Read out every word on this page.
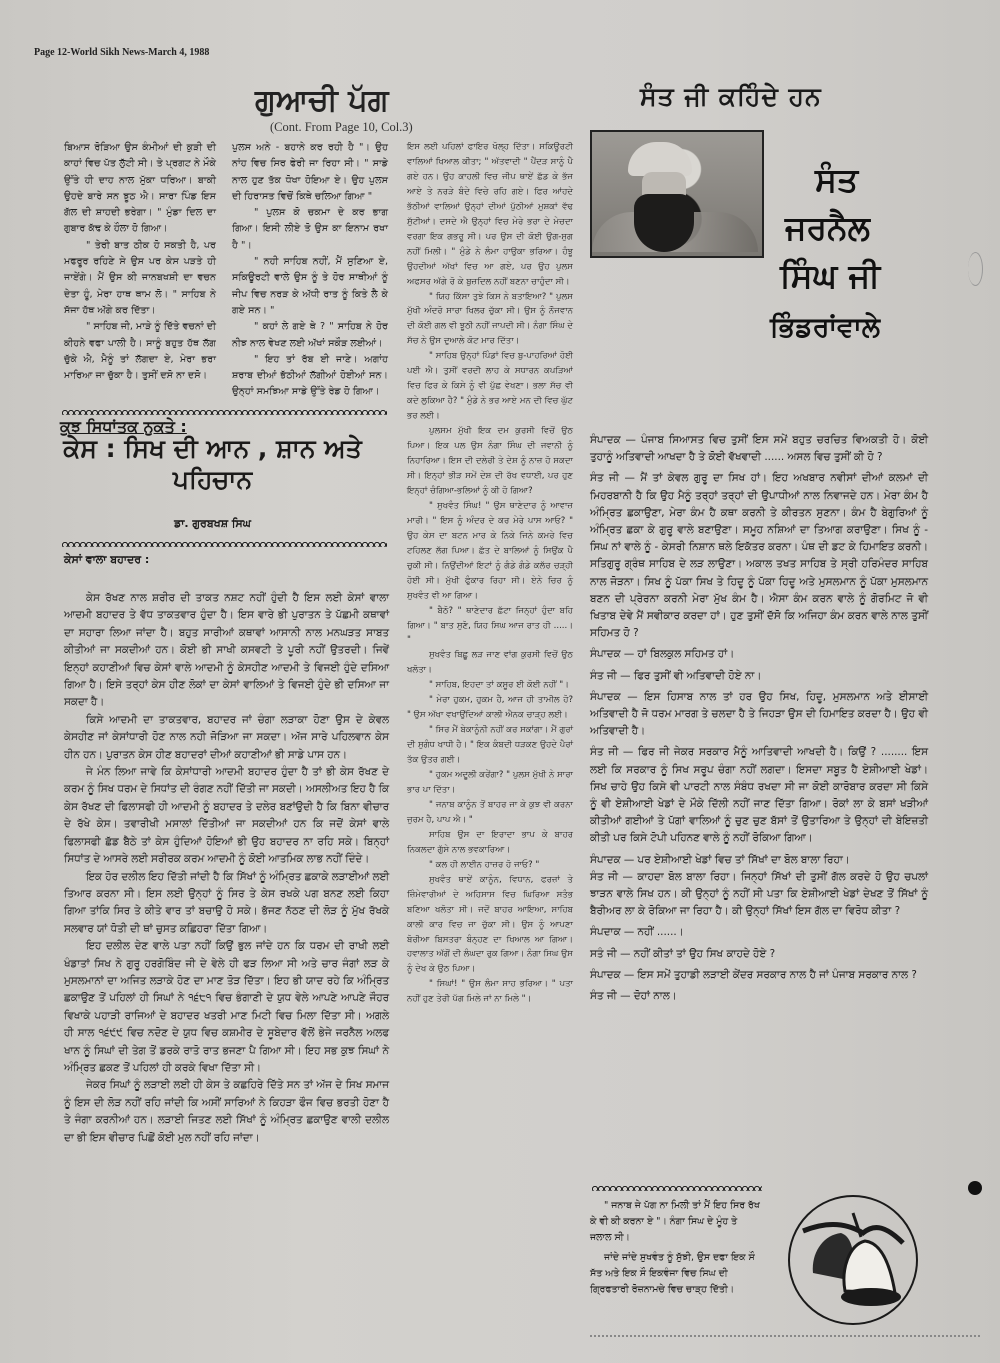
Page 12-World Sikh News-March 4, 1988
ਗੁਆਚੀ ਪੱਗ
(Cont. From Page 10, Col.3)

ਬਿਆਸ ਰੋੜਿਆ ਉਸ ਕੰਮੀਆਂ ਦੀ ਕੁੜੀ ਦੀ ਕਾਹਾਂ ਵਿਚ ਪੱਤ ਲੁੱਟੀ ਸੀ। ਤੇ ਪ੍ਰਗਟ ਨੇ ਮੌਕੇ ਉੱਤੇ ਹੀ ਦਾਹ ਨਾਲ ਮੁੱਕਾ ਧਰਿਆ। ਬਾਕੀ ਉਹਦੇ ਬਾਰੇ ਸਨ ਝੂਠ ਐ। ਸਾਰਾ ਪਿੰਡ ਇਸ ਗੱਲ ਦੀ ਸ਼ਾਹਦੀ ਭਰੇਗਾ। " ਮੁੰਡਾ ਦਿਲ ਦਾ ਗੁਬਾਰ ਕੱਢ ਕੇ ਹੌਲਾ ਹੋ ਗਿਆ।

" ਤੇਰੀ ਬਾਤ ਠੀਕ ਹੋ ਸਕਤੀ ਹੈ, ਪਰ ਮਫਰੂਰ ਰਹਿਣੇ ਸੇ ਉਸ ਪਰ ਕੇਸ ਪੜਤੇ ਹੀ ਜਾਏਂਗੇ। ਮੈਂ ਉਸ ਕੀ ਜਾਨਬਖਸ਼ੀ ਦਾ ਵਚਨ ਦੇਤਾ ਹੂੰ, ਮੇਰਾ ਹਾਥ ਥਾਮ ਲੋ। " ਸਾਹਿਬ ਨੇ ਸੱਜਾ ਹੱਥ ਅੱਗੇ ਕਰ ਦਿੱਤਾ।

" ਸਾਹਿਬ ਜੀ, ਮਾੜੇ ਨੂੰ ਦਿੱਤੇ ਵਚਨਾਂ ਦੀ ਕੀਹਨੇ ਵਫਾ ਪਾਲੀ ਹੈ। ਸਾਨੂੰ ਬਹੁਤ ਹੱਥ ਲੱਗ ਚੁੱਕੇ ਐ, ਮੈਨੂੰ ਤਾਂ ਲੱਗਦਾ ਏ, ਮੇਰਾ ਭਰਾ ਮਾਰਿਆ ਜਾ ਚੁੱਕਾ ਹੈ। ਤੁਸੀਂ ਦਸੋ ਨਾ ਦਸੋ।

ਪੁਲਸ ਅਨੇ - ਬਹਾਨੇ ਕਰ ਰਹੀ ਹੈ "। ਉਹ ਨਾਂਹ ਵਿਚ ਸਿਰ ਫੇਰੀ ਜਾ ਰਿਹਾ ਸੀ। " ਸਾਡੇ ਨਾਲ ਹੁਣ ਤੱਕ ਧੋਖਾ ਹੋਇਆ ਏ। ਉਹ ਪੁਲਸ ਦੀ ਹਿਰਾਸਤ ਵਿਚੋਂ ਕਿਥੇ ਚਲਿਆ ਗਿਆ "

" ਪੁਲਸ ਕੋ ਚਕਮਾ ਦੇ ਕਰ ਭਾਗ ਗਿਆ। ਇਸੀ ਲੀਏ ਤੋ ਉਸ ਕਾ ਇਨਾਮ ਰਖਾ ਹੈ "।

" ਨਹੀ ਸਾਹਿਬ ਨਹੀਂ, ਮੈਂ ਸੁਣਿਆ ਏ, ਸਕਿਊਰਟੀ ਵਾਲੇ ਉਸ ਨੂੰ ਤੇ ਹੋਰ ਸਾਥੀਆਂ ਨੂੰ ਜੀਪ ਵਿਚ ਨਰੜ ਕੇ ਅੱਧੀ ਰਾਤ ਨੂੰ ਕਿਤੇ ਲੈ ਕੇ ਗਏ ਸਨ। "

" ਕਹਾਂ ਲੇ ਗਏ ਥੇ ? " ਸਾਹਿਬ ਨੇ ਹੋਰ ਨੀਝ ਨਾਲ ਵੇਖਣ ਲਈ ਅੱਖਾਂ ਸਕੌੜ ਲਈਆਂ।

" ਇਹ ਤਾਂ ਰੱਬ ਈ ਜਾਣੇ। ਅਗਾਂਹ ਸ਼ਰਾਬ ਦੀਆਂ ਭੱਠੀਆਂ ਲੱਗੀਆਂ ਹੋਈਆਂ ਸਨ। ਉਨ੍ਹਾਂ ਸਮਝਿਆ ਸਾਡੇ ਉੱਤੇ ਰੇਡ ਹੋ ਗਿਆ।

ਇਸ ਲਈ ਪਹਿਲਾਂ ਫਾਇਰ ਖੋਲ੍ਹ ਦਿੱਤਾ। ਸਕਿਊਰਟੀ ਵਾਲਿਆਂ ਖਿਆਲ ਕੀਤਾ; " ਅੱਤਵਾਦੀ " ਪੈਂਦੜ ਸਾਨੂੰ ਪੈ ਗਏ ਹਨ। ਉਹ ਕਾਹਲੀ ਵਿਚ ਜੀਪ ਥਾਏਂ ਛੱਡ ਕੇ ਭੱਜ ਆਏ ਤੇ ਨਰੜੇ ਬੰਦੇ ਵਿਚੇ ਰਹਿ ਗਏ। ਫਿਰ ਆਂਹਦੇ ਭੱਠੀਆਂ ਵਾਲਿਆਂ ਉਨ੍ਹਾਂ ਦੀਆਂ ਪੁੱਠੀਆਂ ਮੁਸ਼ਕਾਂ ਵੱਢ ਸੁੱਟੀਆਂ। ਦਸਦੇ ਐ ਉਨ੍ਹਾਂ ਵਿਚ ਮੇਰੇ ਭਰਾ ਦੇ ਮੇਚਦਾ ਵਰਗਾ ਇਕ ਗਭਰੂ ਸੀ। ਪਰ ਉਸ ਦੀ ਕੋਈ ਉਗ-ਸੁਗ ਨਹੀਂ ਮਿਲੀ। " ਮੁੰਡੇ ਨੇ ਲੰਮਾ ਹਾਉਕਾ ਭਰਿਆ। ਹੰਝੂ ਉਹਦੀਆਂ ਅੱਖਾਂ ਵਿਚ ਆ ਗਏ, ਪਰ ਉਹ ਪੁਲਸ ਅਫਸਰ ਅੱਗੇ ਰੋ ਕੇ ਬੁਜ਼ਦਿਲ ਨਹੀਂ ਬਣਨਾ ਚਾਹੁੰਦਾ ਸੀ।

" ਯਿਹ ਕਿੱਸਾ ਤੁਝੇ ਕਿਸ ਨੇ ਬਤਾਇਆ? " ਪੁਲਸ ਮੁੱਖੀ ਅੰਦਰੋ ਸਾਰਾ ਖਿਲਰ ਚੁੱਕਾ ਸੀ। ਉਸ ਨੂੰ ਨੌਜਵਾਨ ਦੀ ਕੋਈ ਗਲ ਵੀ ਝੂਠੀ ਨਹੀਂ ਜਾਪਦੀ ਸੀ। ਨੰਗਾ ਸਿੰਘ ਦੇ ਸੱਚ ਨੇ ਉਸ ਦੁਆਲੇ ਕੋਟ ਮਾਰ ਦਿੱਤਾ।

" ਸਾਹਿਬ ਉਨ੍ਹਾਂ ਪਿੰਡਾਂ ਵਿਚ ਬੁ-ਪਾਹਰਿਆਂ ਹੋਈ ਪਈ ਐ। ਤੁਸੀਂ ਵਰਦੀ ਲਾਹ ਕੇ ਸਧਾਰਨ ਕਪੜਿਆਂ ਵਿਚ ਫਿਰ ਕੇ ਕਿਸੇ ਨੂੰ ਵੀ ਪੁੱਛ ਵੇਖਣਾ। ਭਲਾ ਸੱਚ ਵੀ ਕਦੇ ਲੁਕਿਆ ਹੈ? " ਮੁੰਡੇ ਨੇ ਭਰ ਆਏ ਮਨ ਦੀ ਵਿਚ ਘੁੱਟ ਭਰ ਲਈ।

ਪੁਲਸਮ ਮੁੱਖੀ ਇਕ ਦਮ ਕੁਰਸੀ ਵਿਚੋਂ ਉਠ ਪਿਆ। ਇਕ ਪਲ ਉਸ ਨੰਗਾ ਸਿੰਘ ਦੀ ਜਵਾਨੀ ਨੂੰ ਨਿਹਾਰਿਆ। ਇਸ ਦੀ ਦਲੇਰੀ ਤੇ ਦੇਸ਼ ਨੂੰ ਨਾਜ਼ ਹੋ ਸਕਦਾ ਸੀ। ਇਨ੍ਹਾਂ ਭੀੜ ਸਮੇਂ ਦੇਸ਼ ਦੀ ਰੱਖ ਵਧਾਈ, ਪਰ ਹੁਣ ਇਨ੍ਹਾਂ ਚੰਗਿਆ-ਭਲਿਆਂ ਨੂੰ ਕੀ ਹੋ ਗਿਆ?

" ਸੁਖਵੰਤ ਸਿੰਘ! " ਉਸ ਥਾਣੇਦਾਰ ਨੂੰ ਆਵਾਜ਼ ਮਾਰੀ। " ਇਸ ਨੂੰ ਅੰਦਰ ਦੇ ਕਰ ਮੇਰੇ ਪਾਸ ਆਓ? " ਉਹ ਕੇਸ ਦਾ ਬਟਨ ਮਾਰ ਕੇ ਨਿਕੇ ਜਿਨੇ ਕਮਰੇ ਵਿਚ ਟਹਿਲਣ ਲੱਗ ਪਿਆ। ਛੱਤ ਦੇ ਬਾਲਿਆਂ ਨੂੰ ਸਿਉਂਕ ਪੈ ਚੁਕੀ ਸੀ। ਨਿਉਂਦੀਆਂ ਇਟਾਂ ਨੂੰ ਗੰਡੇ ਗੰਡੇ ਕਲੱਰ ਚੜ੍ਹੀ ਹੋਈ ਸੀ। ਮੁੱਖੀ ਫੁੰਕਾਰ ਰਿਹਾ ਸੀ। ਏਨੇ ਚਿਰ ਨੂੰ ਸੁਖਵੰਤ ਵੀ ਆ ਗਿਆ।

" ਬੈਠੋ? " ਥਾਣੇਦਾਰ ਛੱਟਾ ਜਿਨ੍ਹਾਂ ਹੁੰਦਾ ਬਹਿ ਗਿਆ। " ਬਾਤ ਸੁਣੋ, ਯਿਹ ਸਿਘ ਆਜ ਰਾਤ ਹੀ .....। "

ਸੁਖਵੰਤ ਬਿਛੂ ਲੜ ਜਾਣ ਵਾਂਗ ਕੁਰਸੀ ਵਿਚੋਂ ਉਠ ਖਲੋਤਾ।

" ਸਾਹਿਬ, ਇਹਦਾ ਤਾਂ ਕਸੂਰ ਈ ਕੋਈ ਨਹੀਂ "।

" ਮੇਰਾ ਹੁਕਮ, ਹੁਕਮ ਹੈ, ਆਜ ਹੀ ਤਾਮੀਲ ਹੋ? " ਉਸ ਅੱਖਾ ਵਖਾਉਂਦਿਆਂ ਕਾਲੀ ਐਨਕ ਚਾੜ੍ਹ ਲਈ।

" ਸਿਰ ਮੈਂ ਬੇਕਾਨੂੰਨੀ ਨਹੀਂ ਕਰ ਸਕਾਂਗਾ। ਮੈਂ ਗੁਰਾਂ ਦੀ ਸੁਗੰਧ ਖਾਧੀ ਹੈ। " ਇਕ ਕੰਬਦੀ ਧੜਕਣ ਉਹਦੇ ਪੈਰਾਂ ਤੱਕ ਉਤਰ ਗਈ।

" ਹੁਕਮ ਅਦੂਲੀ ਕਰੇਂਗਾ? " ਪੁਲਸ ਮੁੱਖੀ ਨੇ ਸਾਰਾ ਭਾਰ ਪਾ ਦਿੱਤਾ।

" ਜਨਾਬ ਕਾਨੂੰਨ ਤੋਂ ਬਾਹਰ ਜਾ ਕੇ ਕੁਝ ਵੀ ਕਰਨਾ ਜੁਰਮ ਹੈ, ਪਾਪ ਐ। "

ਸਾਹਿਬ ਉਸ ਦਾ ਇਰਾਦਾ ਭਾਪ ਕੇ ਬਾਹਰ ਨਿਕਲਦਾ ਗੁੱਸੇ ਨਾਲ ਭਵਕਾਰਿਆ।

" ਕਲ ਹੀ ਲਾਈਨ ਹਾਜ਼ਰ ਹੋ ਜਾਓ? "

ਸੁਖਵੰਤ ਥਾਏਂ ਕਾਨੂੰਨ, ਵਿਧਾਨ, ਫਰਜ਼ਾਂ ਤੇ ਜ਼ਿੰਮੇਵਾਰੀਆਂ ਦੇ ਅਹਿਸਾਸ ਵਿਚ ਘਿਰਿਆ ਸਤੰਭ ਬਣਿਆ ਖਲੋਤਾ ਸੀ। ਜਦੋਂ ਬਾਹਰ ਆਇਆ, ਸਾਹਿਬ ਕਾਲੀ ਕਾਰ ਵਿਚ ਜਾ ਚੁੱਕਾ ਸੀ। ਉਸ ਨੂੰ ਆਪਣਾ ਬੋਰੀਆ ਬਿਸਤਰਾ ਬੰਨ੍ਹਣ ਦਾ ਖਿਆਲ ਆ ਗਿਆ। ਹਵਾਲਾਤ ਅੱਗੋਂ ਦੀ ਲੰਘਦਾ ਰੁਕ ਗਿਆ। ਨੰਗਾ ਸਿਘ ਉਸ ਨੂੰ ਦੇਖ ਕੇ ਉਠ ਪਿਆ।

" ਸਿਘਾਂ! " ਉਸ ਲੰਮਾ ਸਾਹ ਭਰਿਆ। " ਪਤਾ ਨਹੀਂ ਹੁਣ ਤੇਰੀ ਪੱਗ ਮਿਲੇ ਜਾਂ ਨਾ ਮਿਲੇ "।

ਕੁਝ ਸਿਧਾਂਤਕ ਨੁਕਤੇ :
ਕੇਸ : ਸਿਖ ਦੀ ਆਨ , ਸ਼ਾਨ ਅਤੇ ਪਹਿਚਾਨ
ਡਾ. ਗੁਰਬਖਸ਼ ਸਿਘ
ਕੇਸਾਂ ਵਾਲਾ ਬਹਾਦਰ :

ਕੇਸ ਰੱਖਣ ਨਾਲ ਸ਼ਰੀਰ ਦੀ ਤਾਕਤ ਨਸ਼ਟ ਨਹੀਂ ਹੁੰਦੀ ਹੈ ਇਸ ਲਈ ਕੇਸਾਂ ਵਾਲਾ ਆਦਮੀ ਬਹਾਦਰ ਤੇ ਵੱਧ ਤਾਕਤਵਾਰ ਹੁੰਦਾ ਹੈ। ਇਸ ਵਾਰੇ ਭੀ ਪੁਰਾਤਨ ਤੇ ਪੱਛਮੀ ਕਥਾਵਾਂ ਦਾ ਸਹਾਰਾ ਲਿਆ ਜਾਂਦਾ ਹੈ। ਬਹੁਤ ਸਾਰੀਆਂ ਕਥਾਵਾਂ ਆਸਾਨੀ ਨਾਲ ਮਨਘੜਤ ਸਾਬਤ ਕੀਤੀਆਂ ਜਾ ਸਕਦੀਆਂ ਹਨ। ਕੋਈ ਭੀ ਸਾਖੀ ਕਸਵਟੀ ਤੇ ਪੂਰੀ ਨਹੀਂ ਉਤਰਦੀ। ਜਿਵੇਂ ਇਨ੍ਹਾਂ ਕਹਾਣੀਆਂ ਵਿਚ ਕੇਸਾਂ ਵਾਲੇ ਆਦਮੀ ਨੂੰ ਕੇਸਹੀਣ ਆਦਮੀ ਤੇ ਵਿਜਈ ਹੁੰਦੇ ਦਸਿਆ ਗਿਆ ਹੈ। ਇਸੇ ਤਰ੍ਹਾਂ ਕੇਸ ਹੀਣ ਲੋਕਾਂ ਦਾ ਕੇਸਾਂ ਵਾਲਿਆਂ ਤੇ ਵਿਜਈ ਹੁੰਦੇ ਭੀ ਦਸਿਆ ਜਾ ਸਕਦਾ ਹੈ।

ਕਿਸੇ ਆਦਮੀ ਦਾ ਤਾਕਤਵਾਰ, ਬਹਾਦਰ ਜਾਂ ਚੰਗਾ ਲੜਾਕਾ ਹੋਣਾ ਉਸ ਦੇ ਕੇਵਲ ਕੇਸਹੀਣ ਜਾਂ ਕੇਸਾਂਧਾਰੀ ਹੋਣ ਨਾਲ ਨਹੀ ਜੋੜਿਆ ਜਾ ਸਕਦਾ। ਅੱਜ ਸਾਰੇ ਪਹਿਲਵਾਨ ਕੇਸ ਹੀਨ ਹਨ। ਪੁਰਾਤਨ ਕੇਸ ਹੀਣ ਬਹਾਦਰਾਂ ਦੀਆਂ ਕਹਾਣੀਆਂ ਭੀ ਸਾਡੇ ਪਾਸ ਹਨ।

ਜੇ ਮੰਨ ਲਿਆ ਜਾਵੇ ਕਿ ਕੇਸਾਂਧਾਰੀ ਆਦਮੀ ਬਹਾਦਰ ਹੁੰਦਾ ਹੈ ਤਾਂ ਭੀ ਕੇਸ ਰੱਖਣ ਦੇ ਕਰਮ ਨੂੰ ਸਿਖ ਧਰਮ ਦੇ ਸਿਧਾਂਤ ਦੀ ਰੰਗਣ ਨਹੀਂ ਦਿੱਤੀ ਜਾ ਸਕਦੀ। ਅਸਲੀਅਤ ਇਹ ਹੈ ਕਿ ਕੇਸ ਰੱਖਣ ਦੀ ਫਿਲਾਸਫੀ ਹੀ ਆਦਮੀ ਨੂੰ ਬਹਾਦਰ ਤੇ ਦਲੇਰ ਬਣਾਂਉਦੀ ਹੈ ਕਿ ਬਿਨਾ ਵੀਚਾਰ ਦੇ ਰੱਖੇ ਕੇਸ। ਤਵਾਰੀਖੀ ਮਸਾਲਾਂ ਦਿੱਤੀਆਂ ਜਾ ਸਕਦੀਆਂ ਹਨ ਕਿ ਜਦੋਂ ਕੇਸਾਂ ਵਾਲੇ ਫਿਲਾਸਫੀ ਛੱਡ ਬੈਠੇ ਤਾਂ ਕੇਸ ਹੁੰਦਿਆਂ ਹੋਇਆਂ ਭੀ ਉਹ ਬਹਾਦਰ ਨਾ ਰਹਿ ਸਕੇ। ਬਿਨ੍ਹਾਂ ਸਿਧਾਂਤ ਦੇ ਆਸਰੇ ਲਈ ਸਰੀਰਕ ਕਰਮ ਆਦਮੀ ਨੂੰ ਕੋਈ ਆਤਮਿਕ ਲਾਭ ਨਹੀਂ ਦਿੰਦੇ।

ਇਕ ਹੋਰ ਦਲੀਲ ਇਹ ਦਿੱਤੀ ਜਾਂਦੀ ਹੈ ਕਿ ਸਿੱਖਾਂ ਨੂੰ ਅੰਮ੍ਰਿਤ ਛਕਾਕੇ ਲੜਾਈਆਂ ਲਈ ਤਿਆਰ ਕਰਨਾ ਸੀ। ਇਸ ਲਈ ਉਨ੍ਹਾਂ ਨੂੰ ਸਿਰ ਤੇ ਕੇਸ ਰਖਕੇ ਪਗ ਬਨਣ ਲਈ ਕਿਹਾ ਗਿਆ ਤਾਂਕਿ ਸਿਰ ਤੇ ਕੀਤੇ ਵਾਰ ਤਾਂ ਬਚਾਉ ਹੋ ਸਕੇ। ਭੱਜਣ ਨੱਠਣ ਦੀ ਲੋੜ ਨੂੰ ਮੁੱਖ ਰੱਖਕੇ ਸਲਵਾਰ ਯਾਂ ਧੋਤੀ ਦੀ ਥਾਂ ਚੁਸਤ ਕਛਿਹਰਾ ਦਿੱਤਾ ਗਿਆ।

ਇਹ ਦਲੀਲ ਦੇਣ ਵਾਲੇ ਪਤਾ ਨਹੀਂ ਕਿਉਂ ਭੁਲ ਜਾਂਦੇ ਹਨ ਕਿ ਧਰਮ ਦੀ ਰਾਖੀ ਲਈ ਖੰਡਾਤਾਂ ਸਿਖ ਨੇ ਗੁਰੂ ਹਰਗੋਬਿੰਦ ਜੀ ਦੇ ਵੇਲੇ ਹੀ ਫੜ ਲਿਆ ਸੀ ਅਤੇ ਚਾਰ ਜੰਗਾਂ ਲੜ ਕੇ ਮੁਸਲਮਾਨਾਂ ਦਾ ਅਜਿਤ ਲੜਾਕੇ ਹੋਣ ਦਾ ਮਾਣ ਤੋੜ ਦਿੱਤਾ। ਇਹ ਭੀ ਯਾਦ ਰਹੇ ਕਿ ਅੰਮ੍ਰਿਤ ਛਕਾਉਣ ਤੋਂ ਪਹਿਲਾਂ ਹੀ ਸਿਘਾਂ ਨੇ ੧੬੮੧ ਵਿਚ ਭੰਗਾਣੀ ਦੇ ਯੁਧ ਵੇਲੇ ਆਪਣੇ ਆਪਣੇ ਜੌਹਰ ਵਿਖਾਕੇ ਪਹਾੜੀ ਰਾਜਿਆਂ ਦੇ ਬਹਾਦਰ ਖਤਰੀ ਮਾਣ ਮਿਟੀ ਵਿਚ ਮਿਲਾ ਦਿੱਤਾ ਸੀ। ਅਗਲੇ ਹੀ ਸਾਲ ੧੬੯੯ ਵਿਚ ਨਦੋਣ ਦੇ ਯੁਧ ਵਿਚ ਕਸ਼ਮੀਰ ਦੇ ਸੂਬੇਦਾਰ ਵੱਲੋਂ ਭੇਜੇ ਜਰਨੈਲ ਅਲਫ ਖਾਨ ਨੂੰ ਸਿਘਾਂ ਦੀ ਤੇਗ ਤੋਂ ਡਰਕੇ ਰਾਤੋ ਰਾਤ ਭਜਣਾ ਪੈ ਗਿਆ ਸੀ। ਇਹ ਸਭ ਕੁਝ ਸਿਘਾਂ ਨੇ ਅੰਮ੍ਰਿਤ ਛਕਣ ਤੋਂ ਪਹਿਲਾਂ ਹੀ ਕਰਕੇ ਵਿਖਾ ਦਿੱਤਾ ਸੀ।

ਜੇਕਰ ਸਿਘਾਂ ਨੂੰ ਲੜਾਈ ਲਈ ਹੀ ਕੇਸ ਤੇ ਕਛਹਿਰੇ ਦਿੱਤੇ ਸਨ ਤਾਂ ਅੱਜ ਦੇ ਸਿਖ ਸਮਾਜ ਨੂੰ ਇਸ ਦੀ ਲੋੜ ਨਹੀਂ ਰਹਿ ਜਾਂਦੀ ਕਿ ਅਸੀਂ ਸਾਰਿਆਂ ਨੇ ਕਿਹੜਾ ਫੌਜ ਵਿਚ ਭਰਤੀ ਹੋਣਾ ਹੈ ਤੇ ਜੰਗਾ ਕਰਨੀਆਂ ਹਨ। ਲੜਾਈ ਜਿਤਣ ਲਈ ਸਿੱਖਾਂ ਨੂੰ ਅੰਮ੍ਰਿਤ ਛਕਾਉਣ ਵਾਲੀ ਦਲੀਲ ਦਾ ਭੀ ਇਸ ਵੀਚਾਰ ਪਿਛੋਂ ਕੋਈ ਮੁਲ ਨਹੀਂ ਰਹਿ ਜਾਂਦਾ।

ਸੰਤ ਜੀ ਕਹਿੰਦੇ ਹਨ
ਸੰਤ
ਜਰਨੈਲ
ਸਿੰਘ ਜੀ
ਭਿੰਡਰਾਂਵਾਲੇ

ਸੰਪਾਦਕ — ਪੰਜਾਬ ਸਿਆਸਤ ਵਿਚ ਤੁਸੀਂ ਇਸ ਸਮੇਂ ਬਹੁਤ ਚਰਚਿਤ ਵਿਅਕਤੀ ਹੋ। ਕੋਈ ਤੁਹਾਨੂੰ ਅਤਿਵਾਦੀ ਆਖਦਾ ਹੈ ਤੇ ਕੋਈ ਵੱਖਵਾਦੀ ...... ਅਸਲ ਵਿਚ ਤੁਸੀਂ ਕੀ ਹੋ ?

ਸੰਤ ਜੀ — ਮੈਂ ਤਾਂ ਕੇਵਲ ਗੁਰੂ ਦਾ ਸਿਖ ਹਾਂ। ਇਹ ਅਖਬਾਰ ਨਵੀਸਾਂ ਦੀਆਂ ਕਲਮਾਂ ਦੀ ਮਿਹਰਬਾਨੀ ਹੈ ਕਿ ਉਹ ਮੈਨੂੰ ਤਰ੍ਹਾਂ ਤਰ੍ਹਾਂ ਦੀ ਉਪਾਧੀਆਂ ਨਾਲ ਨਿਵਾਜਦੇ ਹਨ। ਮੇਰਾ ਕੰਮ ਹੈ ਅੰਮ੍ਰਿਤ ਛਕਾਉਣਾ, ਮੇਰਾ ਕੰਮ ਹੈ ਕਥਾ ਕਰਨੀ ਤੇ ਕੀਰਤਨ ਸੁਣਨਾ। ਕੰਮ ਹੈ ਬੇਗੁਰਿਆਂ ਨੂੰ ਅੰਮ੍ਰਿਤ ਛਕਾ ਕੇ ਗੁਰੂ ਵਾਲੇ ਬਣਾਉਣਾ। ਸਮੂਹ ਨਸ਼ਿਆਂ ਦਾ ਤਿਆਗ ਕਰਾਉਣਾ। ਸਿਖ ਨੂੰ - ਸਿਘ ਨਾਂ ਵਾਲੇ ਨੂੰ - ਕੇਸਰੀ ਨਿਸ਼ਾਨ ਥਲੇ ਇਕੱਤਰ ਕਰਨਾ। ਪੰਥ ਦੀ ਡਟ ਕੇ ਹਿਮਾਇਤ ਕਰਨੀ। ਸਤਿਗੁਰੂ ਗ੍ਰੰਥ ਸਾਹਿਬ ਦੇ ਲੜ ਲਾਉਣਾ। ਅਕਾਲ ਤਖਤ ਸਾਹਿਬ ਤੇ ਸ੍ਰੀ ਹਰਿਮੰਦਰ ਸਾਹਿਬ ਨਾਲ ਜੋੜਨਾ। ਸਿਖ ਨੂੰ ਪੱਕਾ ਸਿਖ ਤੇ ਹਿਦੂ ਨੂੰ ਪੱਕਾ ਹਿਦੂ ਅਤੇ ਮੁਸਲਮਾਨ ਨੂੰ ਪੱਕਾ ਮੁਸਲਮਾਨ ਬਣਨ ਦੀ ਪ੍ਰੇਰਨਾ ਕਰਨੀ ਮੇਰਾ ਮੁੱਖ ਕੰਮ ਹੈ। ਐਸਾ ਕੰਮ ਕਰਨ ਵਾਲੇ ਨੂੰ ਗੋਰਮਿਟ ਜੋ ਵੀ ਖਿਤਾਬ ਦੇਵੇ ਮੈਂ ਸਵੀਕਾਰ ਕਰਦਾ ਹਾਂ। ਹੁਣ ਤੁਸੀਂ ਦੱਸੋ ਕਿ ਅਜਿਹਾ ਕੰਮ ਕਰਨ ਵਾਲੇ ਨਾਲ ਤੁਸੀਂ ਸਹਿਮਤ ਹੋ ?

ਸੰਪਾਦਕ — ਹਾਂ ਬਿਲਕੁਲ ਸਹਿਮਤ ਹਾਂ।

ਸੰਤ ਜੀ — ਫਿਰ ਤੁਸੀਂ ਵੀ ਅਤਿਵਾਦੀ ਹੋਏ ਨਾ।

ਸੰਪਾਦਕ — ਇਸ ਹਿਸਾਬ ਨਾਲ ਤਾਂ ਹਰ ਉਹ ਸਿਖ, ਹਿਦੂ, ਮੁਸਲਮਾਨ ਅਤੇ ਈਸਾਈ ਅਤਿਵਾਦੀ ਹੈ ਜੋ ਧਰਮ ਮਾਰਗ ਤੇ ਚਲਦਾ ਹੈ ਤੇ ਜਿਹੜਾ ਉਸ ਦੀ ਹਿਮਾਇਤ ਕਰਦਾ ਹੈ। ਉਹ ਵੀ ਅਤਿਵਾਦੀ ਹੈ।

ਸੰਤ ਜੀ — ਫਿਰ ਜੀ ਜੇਕਰ ਸਰਕਾਰ ਮੈਨੂੰ ਆਤਿਵਾਦੀ ਆਖਦੀ ਹੈ। ਕਿਉਂ ? ........ ਇਸ ਲਈ ਕਿ ਸਰਕਾਰ ਨੂੰ ਸਿਖ ਸਰੂਪ ਚੰਗਾ ਨਹੀਂ ਲਗਦਾ। ਇਸਦਾ ਸਬੂਤ ਹੈ ਏਸ਼ੀਆਈ ਖੇਡਾਂ। ਸਿਖ ਚਾਹੇ ਉਹ ਕਿਸੇ ਵੀ ਪਾਰਟੀ ਨਾਲ ਸੰਬੰਧ ਰਖਦਾ ਸੀ ਜਾ ਕੋਈ ਕਾਰੋਬਾਰ ਕਰਦਾ ਸੀ ਕਿਸੇ ਨੂੰ ਵੀ ਏਸ਼ੀਆਈ ਖੇਡਾਂ ਦੇ ਮੌਕੇ ਦਿੱਲੀ ਨਹੀਂ ਜਾਣ ਦਿੱਤਾ ਗਿਆ। ਰੋਕਾਂ ਲਾ ਕੇ ਬਸਾਂ ਖੜੀਆਂ ਕੀਤੀਆਂ ਗਈਆਂ ਤੇ ਪੱਗਾਂ ਵਾਲਿਆਂ ਨੂੰ ਚੁਣ ਚੁਣ ਬੱਸਾਂ ਤੋਂ ਉਤਾਰਿਆ ਤੇ ਉਨ੍ਹਾਂ ਦੀ ਬੇਇਜ਼ਤੀ ਕੀਤੀ ਪਰ ਕਿਸੇ ਟੋਪੀ ਪਹਿਨਣ ਵਾਲੇ ਨੂੰ ਨਹੀਂ ਰੋਕਿਆ ਗਿਆ।

ਸੰਪਾਦਕ — ਪਰ ਏਸ਼ੀਆਈ ਖੇਡਾਂ ਵਿਚ ਤਾਂ ਸਿੱਖਾਂ ਦਾ ਬੋਲ ਬਾਲਾ ਰਿਹਾ।

ਸੰਤ ਜੀ — ਕਾਹਦਾ ਬੋਲ ਬਾਲਾ ਰਿਹਾ। ਜਿਨ੍ਹਾਂ ਸਿੱਖਾਂ ਦੀ ਤੁਸੀਂ ਗੱਲ ਕਰਦੇ ਹੋ ਉਹ ਚਪਲਾਂ ਝਾੜਨ ਵਾਲੇ ਸਿਖ ਹਨ। ਕੀ ਉਨ੍ਹਾਂ ਨੂੰ ਨਹੀਂ ਸੀ ਪਤਾ ਕਿ ਏਸ਼ੀਆਈ ਖੇਡਾਂ ਦੇਖਣ ਤੋਂ ਸਿੱਖਾਂ ਨੂੰ ਬੈਰੀਅਰ ਲਾ ਕੇ ਰੋਕਿਆ ਜਾ ਰਿਹਾ ਹੈ। ਕੀ ਉਨ੍ਹਾਂ ਸਿੱਖਾਂ ਇਸ ਗੱਲ ਦਾ ਵਿਰੋਧ ਕੀਤਾ ?

ਸੰਪਦਾਕ — ਨਹੀਂ ......।

ਸਤੰ ਜੀ — ਨਹੀਂ ਕੀਤਾਂ ਤਾਂ ਉਹ ਸਿਖ ਕਾਹਦੇ ਹੋਏ ?

ਸੰਪਾਦਕ — ਇਸ ਸਮੇਂ ਤੁਹਾਡੀ ਲੜਾਈ ਕੇਂਦਰ ਸਰਕਾਰ ਨਾਲ ਹੈ ਜਾਂ ਪੰਜਾਬ ਸਰਕਾਰ ਨਾਲ ?

ਸੰਤ ਜੀ — ਦੋਹਾਂ ਨਾਲ।

" ਜਨਾਬ ਜੇ ਪੱਗ ਨਾ ਮਿਲੀ ਤਾਂ ਮੈਂ ਇਹ ਸਿਰ ਰੱਖ ਕੇ ਵੀ ਕੀ ਕਰਨਾ ਏ "। ਨੰਗਾ ਸਿਘ ਦੇ ਮੂੰਹ ਤੇ ਜਲਾਲ ਸੀ।

ਜਾਂਦੇ ਜਾਂਦੇ ਸੁਖਵੰਤ ਨੂੰ ਸੁੱਝੀ, ਉਸ ਦਫਾ ਇਕ ਸੌ ਸੱਤ ਅਤੇ ਇਕ ਸੌ ਇਕਵੰਜਾ ਵਿਚ ਸਿਘ ਦੀ ਗ੍ਰਿਫਤਾਰੀ ਰੋਜ਼ਨਾਮਚੇ ਵਿਚ ਚਾੜ੍ਹ ਦਿੱਤੀ।
